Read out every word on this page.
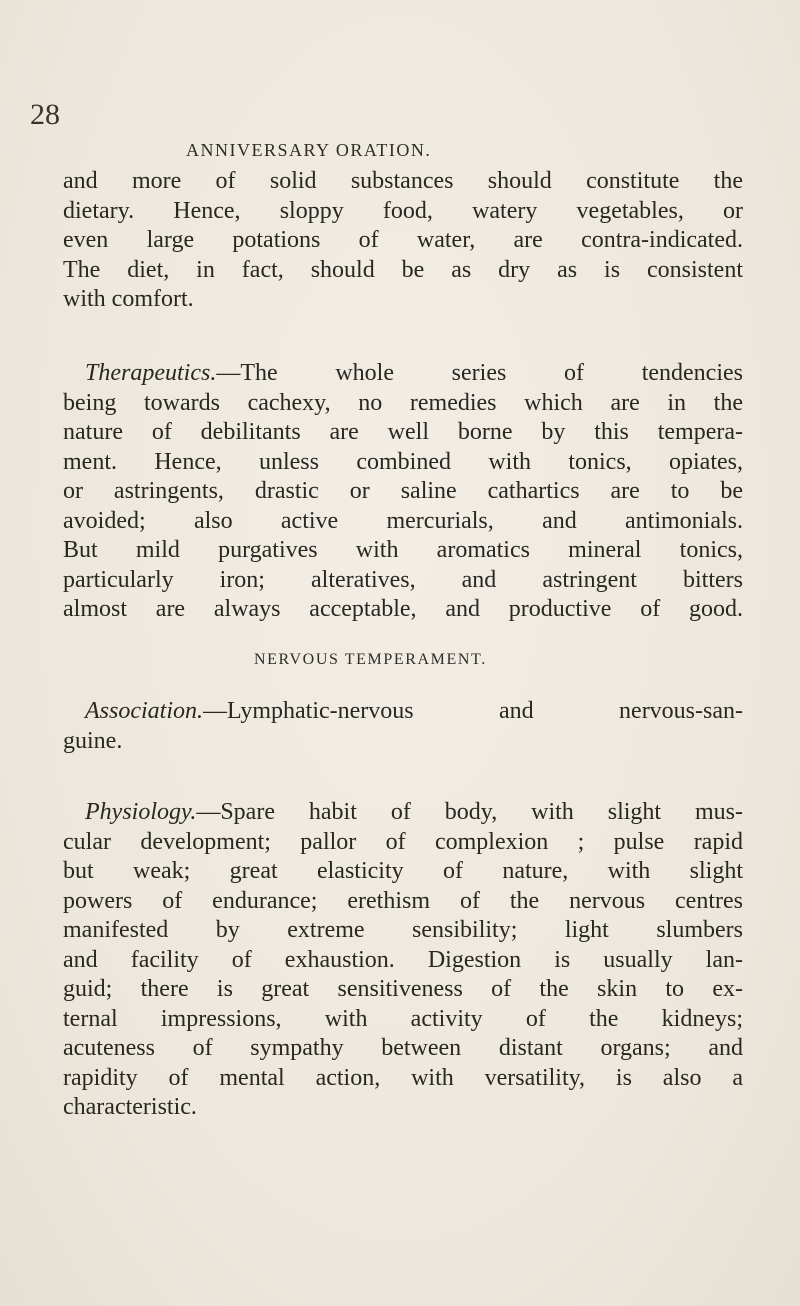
28
ANNIVERSARY ORATION.
and more of solid substances should constitute the
dietary. Hence, sloppy food, watery vegetables, or
even large potations of water, are contra-indicated.
The diet, in fact, should be as dry as is consistent
with comfort.
Therapeutics.—The whole series of tendencies
being towards cachexy, no remedies which are in the
nature of debilitants are well borne by this tempera-
ment. Hence, unless combined with tonics, opiates,
or astringents, drastic or saline cathartics are to be
avoided; also active mercurials, and antimonials.
But mild purgatives with aromatics mineral tonics,
particularly iron; alteratives, and astringent bitters
almost are always acceptable, and productive of good.
NERVOUS TEMPERAMENT.
Association.—Lymphatic-nervous and nervous-san-
guine.
Physiology.—Spare habit of body, with slight mus-
cular development; pallor of complexion ; pulse rapid
but weak; great elasticity of nature, with slight
powers of endurance; erethism of the nervous centres
manifested by extreme sensibility; light slumbers
and facility of exhaustion. Digestion is usually lan-
guid; there is great sensitiveness of the skin to ex-
ternal impressions, with activity of the kidneys;
acuteness of sympathy between distant organs; and
rapidity of mental action, with versatility, is also a
characteristic.
